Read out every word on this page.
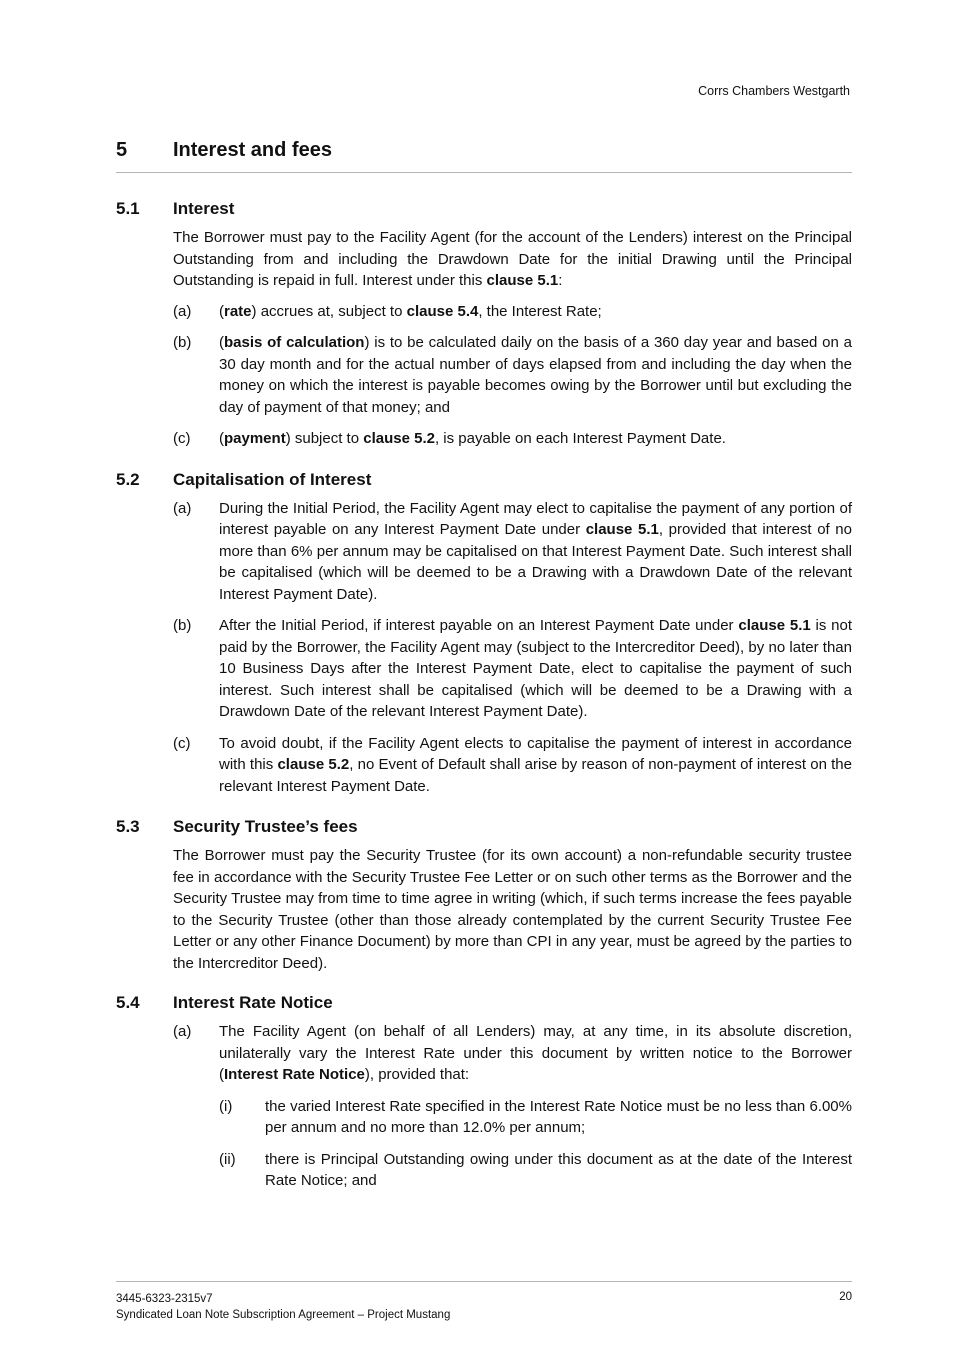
Corrs Chambers Westgarth
5 Interest and fees
5.1 Interest
The Borrower must pay to the Facility Agent (for the account of the Lenders) interest on the Principal Outstanding from and including the Drawdown Date for the initial Drawing until the Principal Outstanding is repaid in full. Interest under this clause 5.1:
(a)	(rate) accrues at, subject to clause 5.4, the Interest Rate;
(b)	(basis of calculation) is to be calculated daily on the basis of a 360 day year and based on a 30 day month and for the actual number of days elapsed from and including the day when the money on which the interest is payable becomes owing by the Borrower until but excluding the day of payment of that money; and
(c)	(payment) subject to clause 5.2, is payable on each Interest Payment Date.
5.2 Capitalisation of Interest
(a)	During the Initial Period, the Facility Agent may elect to capitalise the payment of any portion of interest payable on any Interest Payment Date under clause 5.1, provided that interest of no more than 6% per annum may be capitalised on that Interest Payment Date. Such interest shall be capitalised (which will be deemed to be a Drawing with a Drawdown Date of the relevant Interest Payment Date).
(b)	After the Initial Period, if interest payable on an Interest Payment Date under clause 5.1 is not paid by the Borrower, the Facility Agent may (subject to the Intercreditor Deed), by no later than 10 Business Days after the Interest Payment Date, elect to capitalise the payment of such interest. Such interest shall be capitalised (which will be deemed to be a Drawing with a Drawdown Date of the relevant Interest Payment Date).
(c)	To avoid doubt, if the Facility Agent elects to capitalise the payment of interest in accordance with this clause 5.2, no Event of Default shall arise by reason of non-payment of interest on the relevant Interest Payment Date.
5.3 Security Trustee’s fees
The Borrower must pay the Security Trustee (for its own account) a non-refundable security trustee fee in accordance with the Security Trustee Fee Letter or on such other terms as the Borrower and the Security Trustee may from time to time agree in writing (which, if such terms increase the fees payable to the Security Trustee (other than those already contemplated by the current Security Trustee Fee Letter or any other Finance Document) by more than CPI in any year, must be agreed by the parties to the Intercreditor Deed).
5.4 Interest Rate Notice
(a)	The Facility Agent (on behalf of all Lenders) may, at any time, in its absolute discretion, unilaterally vary the Interest Rate under this document by written notice to the Borrower (Interest Rate Notice), provided that:
(i)	the varied Interest Rate specified in the Interest Rate Notice must be no less than 6.00% per annum and no more than 12.0% per annum;
(ii)	there is Principal Outstanding owing under this document as at the date of the Interest Rate Notice; and
3445-6323-2315v7
Syndicated Loan Note Subscription Agreement – Project Mustang
20
